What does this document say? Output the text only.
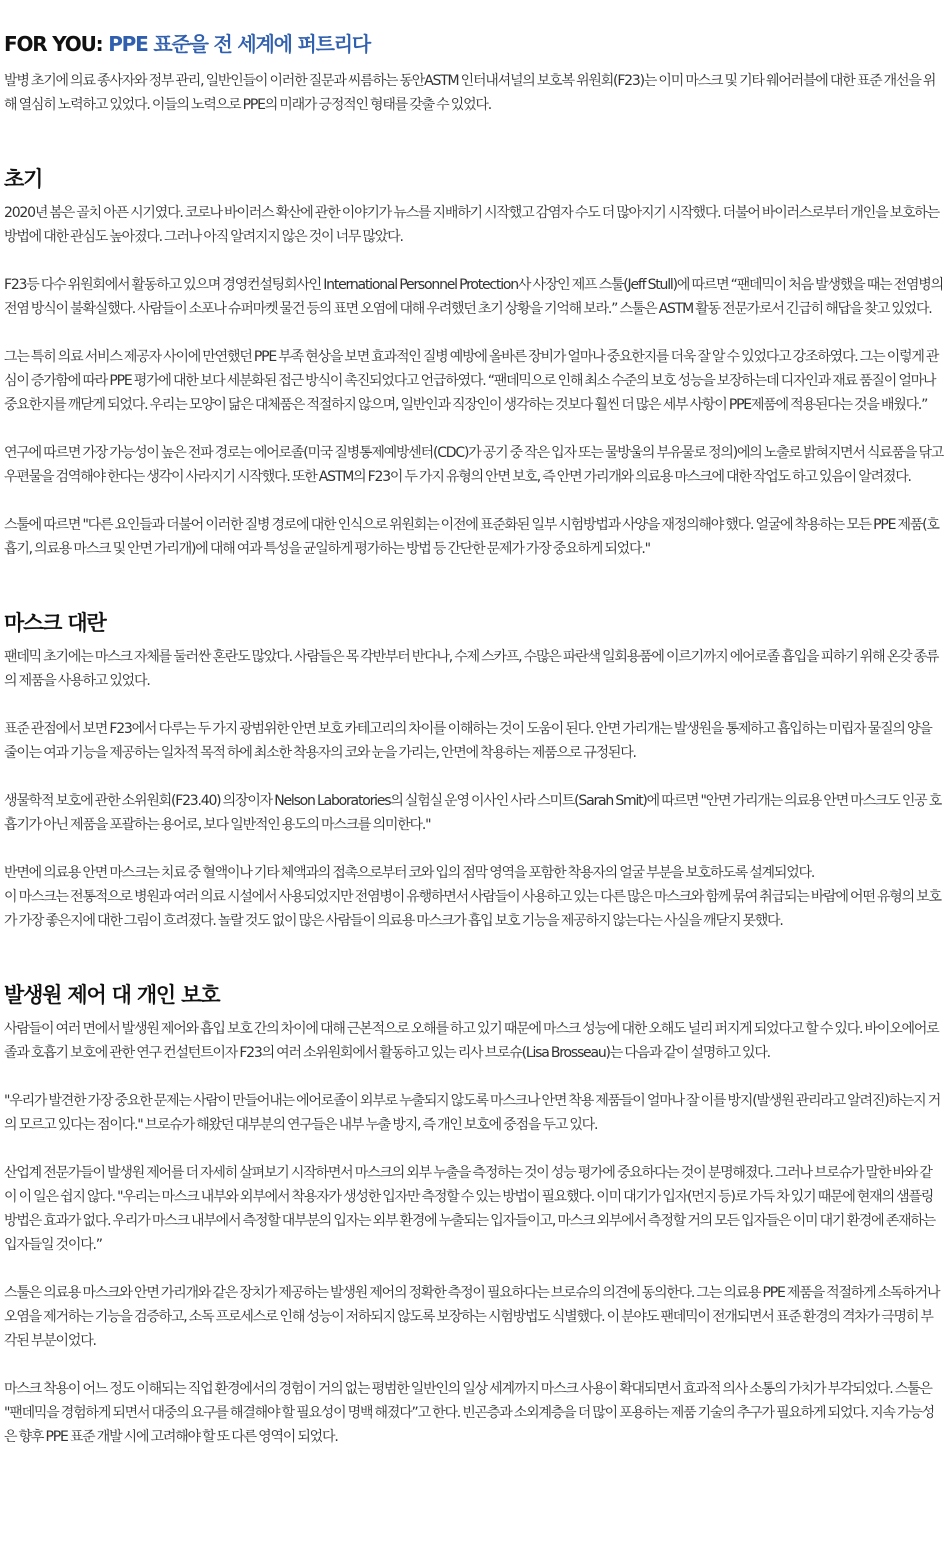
FOR YOU: PPE 표준을 전 세계에 퍼트리다

발병 초기에 의료 종사자와 정부 관리, 일반인들이 이러한 질문과 씨름하는 동안ASTM 인터내셔널의 보호복 위원회(F23)는 이미 마스크 및 기타 웨어러블에 대한 표준 개선을 위해 열심히 노력하고 있었다. 이들의 노력으로 PPE의 미래가 긍정적인 형태를 갖출 수 있었다.

초기

2020년 봄은 골치 아픈 시기였다. 코로나 바이러스 확산에 관한 이야기가 뉴스를 지배하기 시작했고 감염자 수도 더 많아지기 시작했다. 더불어 바이러스로부터 개인을 보호하는 방법에 대한 관심도 높아졌다. 그러나 아직 알려지지 않은 것이 너무 많았다.

F23등 다수 위원회에서 활동하고 있으며 경영컨설팅회사인 International Personnel Protection사 사장인 제프 스툴(Jeff Stull)에 따르면 “팬데믹이 처음 발생했을 때는 전염병의 전염 방식이 불확실했다. 사람들이 소포나 슈퍼마켓 물건 등의 표면 오염에 대해 우려했던 초기 상황을 기억해 보라.” 스툴은 ASTM 활동 전문가로서 긴급히 해답을 찾고 있었다.

그는 특히 의료 서비스 제공자 사이에 만연했던 PPE 부족 현상을 보면 효과적인 질병 예방에 올바른 장비가 얼마나 중요한지를 더욱 잘 알 수 있었다고 강조하였다. 그는 이렇게 관심이 증가함에 따라 PPE 평가에 대한 보다 세분화된 접근 방식이 촉진되었다고 언급하였다. “팬데믹으로 인해 최소 수준의 보호 성능을 보장하는데 디자인과 재료 품질이 얼마나 중요한지를 깨닫게 되었다. 우리는 모양이 닮은 대체품은 적절하지 않으며, 일반인과 직장인이 생각하는 것보다 훨씬 더 많은 세부 사항이 PPE제품에 적용된다는 것을 배웠다.”

연구에 따르면 가장 가능성이 높은 전파 경로는 에어로졸(미국 질병통제예방센터(CDC)가 공기 중 작은 입자 또는 물방울의 부유물로 정의)에의 노출로 밝혀지면서 식료품을 닦고 우편물을 검역해야 한다는 생각이 사라지기 시작했다. 또한 ASTM의 F23이 두 가지 유형의 안면 보호, 즉 안면 가리개와 의료용 마스크에 대한 작업도 하고 있음이 알려졌다.

스툴에 따르면 "다른 요인들과 더불어 이러한 질병 경로에 대한 인식으로 위원회는 이전에 표준화된 일부 시험방법과 사양을 재정의해야 했다. 얼굴에 착용하는 모든 PPE 제품(호흡기, 의료용 마스크 및 안면 가리개)에 대해 여과 특성을 균일하게 평가하는 방법 등 간단한 문제가 가장 중요하게 되었다."

마스크 대란

팬데믹 초기에는 마스크 자체를 둘러싼 혼란도 많았다. 사람들은 목 각반부터 반다나, 수제 스카프, 수많은 파란색 일회용품에 이르기까지 에어로졸 흡입을 피하기 위해 온갖 종류의 제품을 사용하고 있었다.

표준 관점에서 보면 F23에서 다루는 두 가지 광범위한 안면 보호 카테고리의 차이를 이해하는 것이 도움이 된다. 안면 가리개는 발생원을 통제하고 흡입하는 미립자 물질의 양을 줄이는 여과 기능을 제공하는 일차적 목적 하에 최소한 착용자의 코와 눈을 가리는, 안면에 착용하는 제품으로 규정된다.

생물학적 보호에 관한 소위원회(F23.40) 의장이자 Nelson Laboratories의 실험실 운영 이사인 사라 스미트(Sarah Smit)에 따르면 "안면 가리개는 의료용 안면 마스크도 인공 호흡기가 아닌 제품을 포괄하는 용어로, 보다 일반적인 용도의 마스크를 의미한다."

반면에 의료용 안면 마스크는 치료 중 혈액이나 기타 체액과의 접촉으로부터 코와 입의 점막 영역을 포함한 착용자의 얼굴 부분을 보호하도록 설계되었다.
이 마스크는 전통적으로 병원과 여러 의료 시설에서 사용되었지만 전염병이 유행하면서 사람들이 사용하고 있는 다른 많은 마스크와 함께 묶여 취급되는 바람에 어떤 유형의 보호가 가장 좋은지에 대한 그림이 흐려졌다. 놀랄 것도 없이 많은 사람들이 의료용 마스크가 흡입 보호 기능을 제공하지 않는다는 사실을 깨닫지 못했다.

발생원 제어 대 개인 보호

사람들이 여러 면에서 발생원 제어와 흡입 보호 간의 차이에 대해 근본적으로 오해를 하고 있기 때문에 마스크 성능에 대한 오해도 널리 퍼지게 되었다고 할 수 있다. 바이오에어로졸과 호흡기 보호에 관한 연구 컨설턴트이자 F23의 여러 소위원회에서 활동하고 있는 리사 브로슈(Lisa Brosseau)는 다음과 같이 설명하고 있다.

"우리가 발견한 가장 중요한 문제는 사람이 만들어내는 에어로졸이 외부로 누출되지 않도록 마스크나 안면 착용 제품들이 얼마나 잘 이를 방지(발생원 관리라고 알려진)하는지 거의 모르고 있다는 점이다." 브로슈가 해왔던 대부분의 연구들은 내부 누출 방지, 즉 개인 보호에 중점을 두고 있다.

산업계 전문가들이 발생원 제어를 더 자세히 살펴보기 시작하면서 마스크의 외부 누출을 측정하는 것이 성능 평가에 중요하다는 것이 분명해졌다. 그러나 브로슈가 말한 바와 같이 이 일은 쉽지 않다. "우리는 마스크 내부와 외부에서 착용자가 생성한 입자만 측정할 수 있는 방법이 필요했다. 이미 대기가 입자(먼지 등)로 가득 차 있기 때문에 현재의 샘플링 방법은 효과가 없다. 우리가 마스크 내부에서 측정할 대부분의 입자는 외부 환경에 누출되는 입자들이고, 마스크 외부에서 측정할 거의 모든 입자들은 이미 대기 환경에 존재하는 입자들일 것이다.”

스툴은 의료용 마스크와 안면 가리개와 같은 장치가 제공하는 발생원 제어의 정확한 측정이 필요하다는 브로슈의 의견에 동의한다. 그는 의료용 PPE 제품을 적절하게 소독하거나 오염을 제거하는 기능을 검증하고, 소독 프로세스로 인해 성능이 저하되지 않도록 보장하는 시험방법도 식별했다. 이 분야도 팬데믹이 전개되면서 표준 환경의 격차가 극명히 부각된 부분이었다.

마스크 착용이 어느 정도 이해되는 직업 환경에서의 경험이 거의 없는 평범한 일반인의 일상 세계까지 마스크 사용이 확대되면서 효과적 의사 소통의 가치가 부각되었다. 스툴은 "팬데믹을 경험하게 되면서 대중의 요구를 해결해야 할 필요성이 명백 해졌다”고 한다. 빈곤층과 소외계층을 더 많이 포용하는 제품 기술의 추구가 필요하게 되었다. 지속 가능성은 향후 PPE 표준 개발 시에 고려해야 할 또 다른 영역이 되었다.
